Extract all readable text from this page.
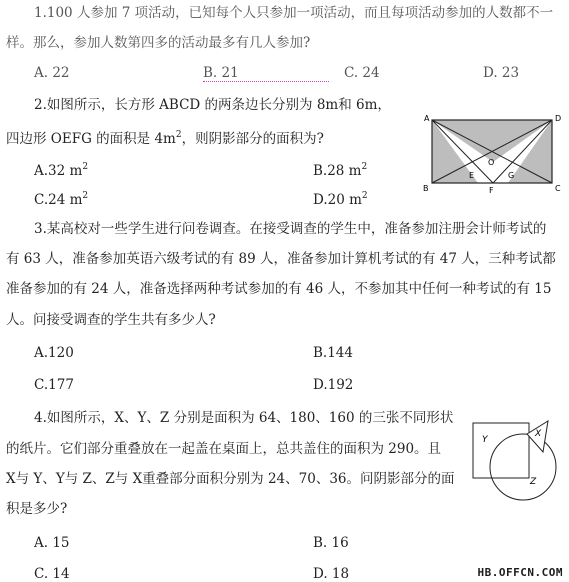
1.100 人参加 7 项活动，已知每个人只参加一项活动，而且每项活动参加的人数都不一
样。那么，参加人数第四多的活动最多有几人参加?
A. 22	B. 21	C. 24	D. 23
2.如图所示，长方形 ABCD 的两条边长分别为 8m和 6m，
四边形 OEFG 的面积是 $4m^2$，则阴影部分的面积为?
A.32 $m^2$	B.28 $m^2$
C.24 $m^2$	D.20 $m^2$
A	D
B	C
O
E	G
F
3.某高校对一些学生进行问卷调查。在接受调查的学生中，准备参加注册会计师考试的
有 63 人，准备参加英语六级考试的有 89 人，准备参加计算机考试的有 47 人，三种考试都
准备参加的有 24 人，准备选择两种考试参加的有 46 人，不参加其中任何一种考试的有 15
人。问接受调查的学生共有多少人?
A.120	B.144
C.177	D.192
4.如图所示，X、Y、Z 分别是面积为 64、180、160 的三张不同形状
的纸片。它们部分重叠放在一起盖在桌面上，总共盖住的面积为 290。且
X与 Y、Y与 Z、Z与 X重叠部分面积分别为 24、70、36。问阴影部分的面
积是多少?
A. 15	B. 16
C. 14	D. 18
Y
X
Z
HB.OFFCN.COM
